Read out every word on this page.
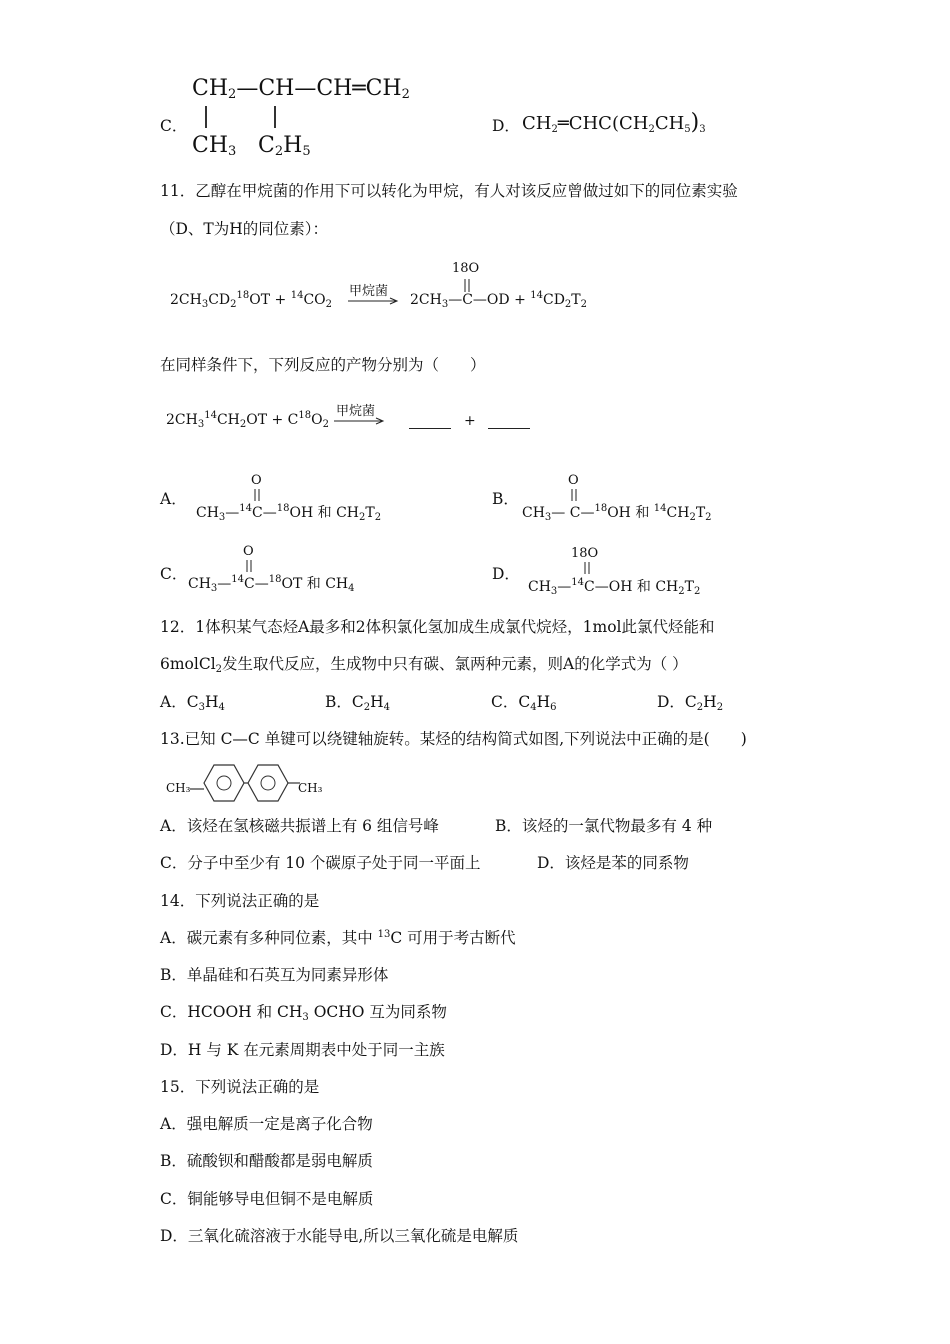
C．
$CH_2—CH—CH═CH_2$
$CH_3$ $C_2H_5$
D． $CH_2═CHC(CH_2CH_5)_3$
11．乙醇在甲烷菌的作用下可以转化为甲烷，有人对该反应曾做过如下的同位素实验
（D、T为H的同位素）：
$2CH_3CD_2^{18}OT + ^{14}CO_2$
甲烷菌
18O
$2CH_3—C—OD + ^{14}CD_2T_2$
在同样条件下，下列反应的产物分别为（　　）
$2CH_3^{14}CH_2OT + C^{18}O_2$
甲烷菌
+
A．
O
$CH_3—^{14}C—^{18}OH$ 和 $CH_2T_2$
B．
O
$CH_3—$ C—$^{18}$OH 和 $^{14}CH_2T_2$
C．
O
$CH_3—^{14}C—^{18}OT$ 和 $CH_4$
D．
18O
$CH_3—^{14}C—OH$ 和 $CH_2T_2$
12．1体积某气态烃A最多和2体积氯化氢加成生成氯代烷烃，1mol此氯代烃能和
6molCl$_2$发生取代反应，生成物中只有碳、氯两种元素，则A的化学式为（ ）
A．$C_3H_4$	B．$C_2H_4$	C．$C_4H_6$	D．$C_2H_2$
13.已知 C—C 单键可以绕键轴旋转。某烃的结构简式如图,下列说法中正确的是(　　)
CH₃	CH₃
A．该烃在氢核磁共振谱上有 6 组信号峰	B．该烃的一氯代物最多有 4 种
C．分子中至少有 10 个碳原子处于同一平面上	D．该烃是苯的同系物
14．下列说法正确的是
A．碳元素有多种同位素，其中 $^{13}$C 可用于考古断代
B．单晶硅和石英互为同素异形体
C．HCOOH 和 $CH_3$ OCHO 互为同系物
D．H 与 K 在元素周期表中处于同一主族
15．下列说法正确的是
A．强电解质一定是离子化合物
B．硫酸钡和醋酸都是弱电解质
C．铜能够导电但铜不是电解质
D．三氧化硫溶液于水能导电,所以三氧化硫是电解质
